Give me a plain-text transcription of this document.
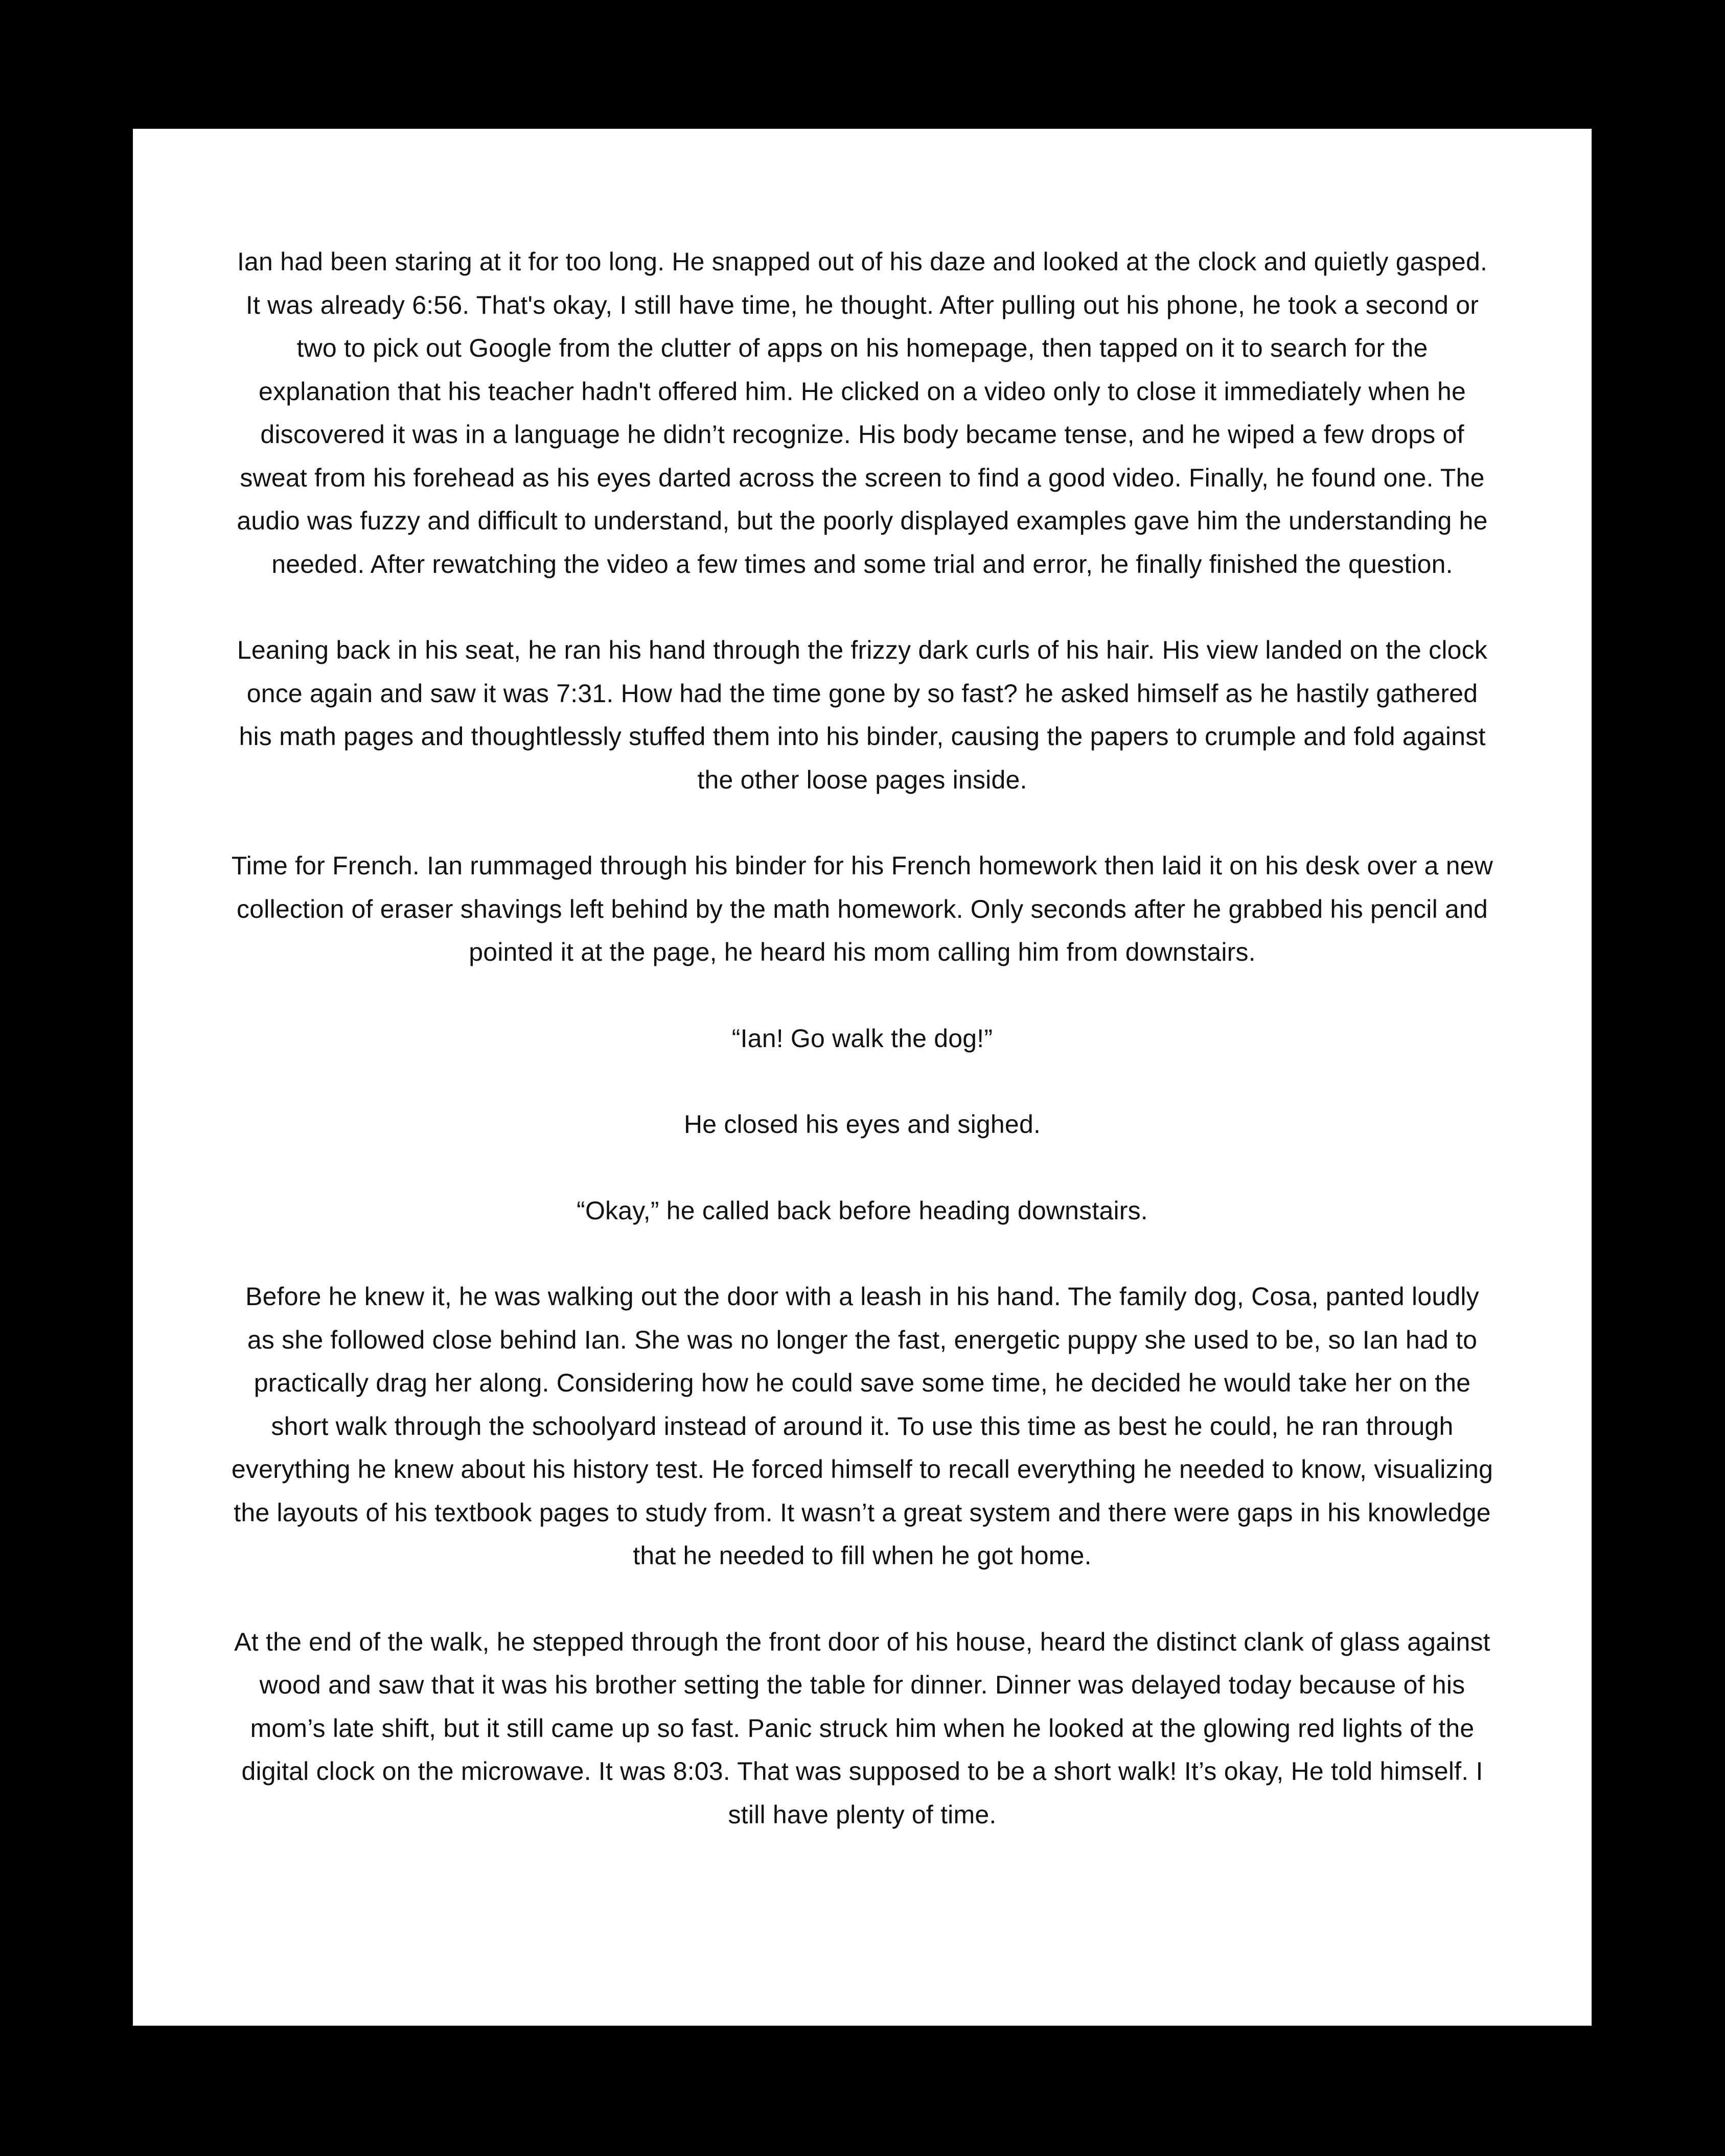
Ian had been staring at it for too long. He snapped out of his daze and looked at the clock and quietly gasped. It was already 6:56. That's okay, I still have time, he thought. After pulling out his phone, he took a second or two to pick out Google from the clutter of apps on his homepage, then tapped on it to search for the explanation that his teacher hadn't offered him. He clicked on a video only to close it immediately when he discovered it was in a language he didn’t recognize. His body became tense, and he wiped a few drops of sweat from his forehead as his eyes darted across the screen to find a good video. Finally, he found one. The audio was fuzzy and difficult to understand, but the poorly displayed examples gave him the understanding he needed. After rewatching the video a few times and some trial and error, he finally finished the question.

Leaning back in his seat, he ran his hand through the frizzy dark curls of his hair. His view landed on the clock once again and saw it was 7:31. How had the time gone by so fast? he asked himself as he hastily gathered his math pages and thoughtlessly stuffed them into his binder, causing the papers to crumple and fold against the other loose pages inside.

Time for French. Ian rummaged through his binder for his French homework then laid it on his desk over a new collection of eraser shavings left behind by the math homework. Only seconds after he grabbed his pencil and pointed it at the page, he heard his mom calling him from downstairs.

“Ian! Go walk the dog!”

He closed his eyes and sighed.

“Okay,” he called back before heading downstairs.

Before he knew it, he was walking out the door with a leash in his hand. The family dog, Cosa, panted loudly as she followed close behind Ian. She was no longer the fast, energetic puppy she used to be, so Ian had to practically drag her along. Considering how he could save some time, he decided he would take her on the short walk through the schoolyard instead of around it. To use this time as best he could, he ran through everything he knew about his history test. He forced himself to recall everything he needed to know, visualizing the layouts of his textbook pages to study from. It wasn’t a great system and there were gaps in his knowledge that he needed to fill when he got home.

At the end of the walk, he stepped through the front door of his house, heard the distinct clank of glass against wood and saw that it was his brother setting the table for dinner. Dinner was delayed today because of his mom’s late shift, but it still came up so fast. Panic struck him when he looked at the glowing red lights of the digital clock on the microwave. It was 8:03. That was supposed to be a short walk! It’s okay, He told himself. I still have plenty of time.
